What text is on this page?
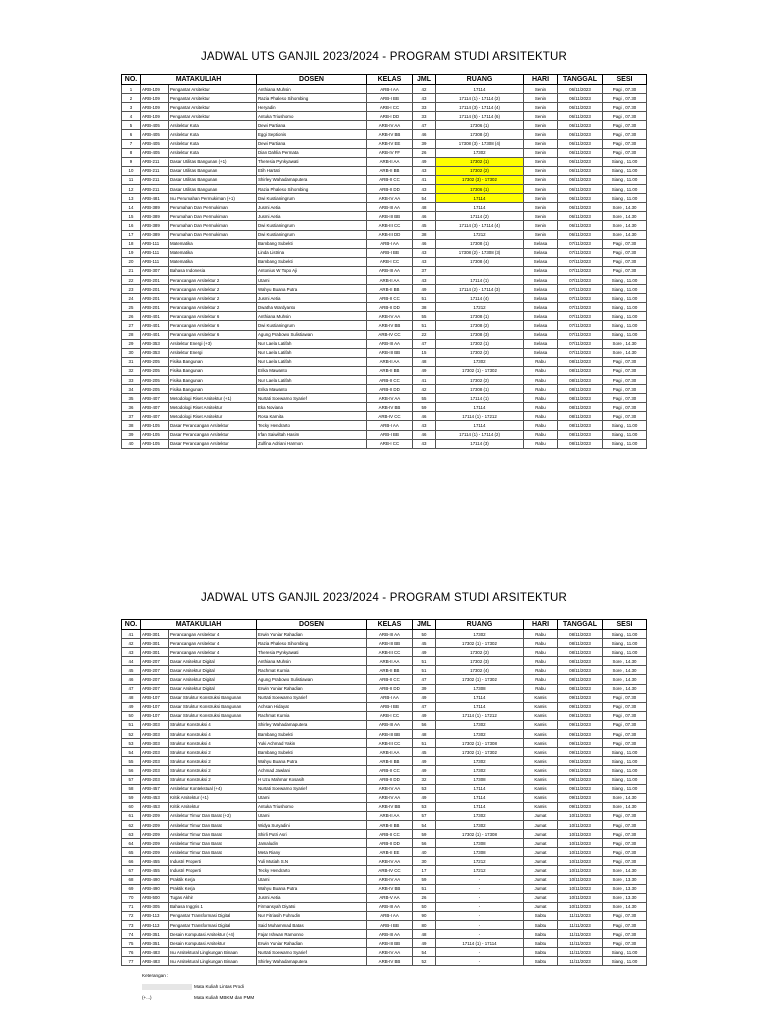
JADWAL UTS GANJIL 2023/2024 - PROGRAM STUDI ARSITEKTUR
NO.	MATAKULIAH		DOSEN	KELAS	JML	RUANG	HARI	TANGGAL	SESI
1	ARB-109	Pengantar Arsitektur	Anthiana Muhsin	ARB-I AA	42	17114	Senin	06/11/2023	Pagi , 07.30
2	ARB-109	Pengantar Arsitektur	Razia Phaleso Sihombing	ARB-I BB	43	17114 (1) - 17114 (2)	Senin	06/11/2023	Pagi , 07.30
3	ARB-109	Pengantar Arsitektur	Heryadin	ARB-I CC	33	17114 (3) - 17114 (4)	Senin	06/11/2023	Pagi , 07.30
4	ARB-109	Pengantar Arsitektur	Antuka Triushomo	ARB-I DD	33	17114 (5) - 17114 (6)	Senin	06/11/2023	Pagi , 07.30
5	ARB-405	Arsitektur Kota	Dewi Partiana	ARB-IV AA	47	17306 (1)	Senin	06/11/2023	Pagi , 07.30
6	ARB-405	Arsitektur Kota	Eggi Septionis	ARB-IV BB	46	17308 (2)	Senin	06/11/2023	Pagi , 07.30
7	ARB-405	Arsitektur Kota	Dewi Partiana	ARB-IV EE	39	17308 (3) - 17308 (4)	Senin	06/11/2023	Pagi , 07.30
8	ARB-405	Arsitektur Kota	Dian Dahlia Permata	ARB-IV FF	26	17302	Senin	06/11/2023	Pagi , 07.30
9	ARB-211	Dasar Utilitas Bangunan (+1)	Theresia Pynkyawati	ARB-II AA	49	17302 (1)	Senin	06/11/2023	Siang , 11.00
10	ARB-211	Dasar Utilitas Bangunan	Etih Hartati	ARB-II BB	43	17302 (2)	Senin	06/11/2023	Siang , 11.00
11	ARB-211	Dasar Utilitas Bangunan	Shirley Wahadamaputera	ARB-II CC	41	17302 (3) - 17302	Senin	06/11/2023	Siang , 11.00
12	ARB-211	Dasar Utilitas Bangunan	Razia Phaleso Sihombing	ARB-II DD	43	17306 (1)	Senin	06/11/2023	Siang , 11.00
13	ARB-481	Isu Perumahan Permukiman (+1)	Dwi Kustianingrum	ARB-IV AA	54	17114	Senin	06/11/2023	Siang , 11.00
14	ARB-389	Perumahan Dan Permukiman	Jusmi Aetia	ARB-III AA	48	17114	Senin	06/11/2023	Sore , 14.30
15	ARB-389	Perumahan Dan Permukiman	Jusmi Aetia	ARB-III BB	46	17114 (2)	Senin	06/11/2023	Sore , 14.30
16	ARB-389	Perumahan Dan Permukiman	Dwi Kustianingrum	ARB-III CC	45	17114 (3) - 17114 (4)	Senin	06/11/2023	Sore , 14.30
17	ARB-389	Perumahan Dan Permukiman	Dwi Kustianingrum	ARB-III DD	38	17212	Senin	06/11/2023	Sore , 14.30
18	ARB-111	Matematika	Bambang Subekti	ARB-I AA	46	17308 (1)	Selasa	07/11/2023	Pagi , 07.30
19	ARB-111	Matematika	Linda Listrina	ARB-I BB	43	17308 (2) - 17308 (3)	Selasa	07/11/2023	Pagi , 07.30
20	ARB-111	Matematika	Bambang Subekti	ARB-I CC	43	17308 (4)	Selasa	07/11/2023	Pagi , 07.30
21	ARB-307	Bahasa Indonesia	Antonius W Topo Aji	ARB-III AA	37		Selasa	07/11/2023	Pagi , 07.30
22	ARB-201	Perancangan Arsitektur 2	Utami	ARB-II AA	43	17114 (1)	Selasa	07/11/2023	Siang , 11.00
23	ARB-201	Perancangan Arsitektur 2	Wahyu Buana Putra	ARB-II BB	49	17114 (2) - 17114 (3)	Selasa	07/11/2023	Siang , 11.00
24	ARB-201	Perancangan Arsitektur 2	Jusmi Aetia	ARB-II CC	51	17114 (4)	Selasa	07/11/2023	Siang , 11.00
25	ARB-201	Perancangan Arsitektur 2	Dwatha Wardyanto	ARB-II DD	38	17212	Selasa	07/11/2023	Siang , 11.00
26	ARB-401	Perancangan Arsitektur 6	Anthiana Muhsin	ARB-IV AA	55	17308 (1)	Selasa	07/11/2023	Siang , 11.00
27	ARB-401	Perancangan Arsitektur 6	Dwi Kustianingrum	ARB-IV BB	51	17308 (2)	Selasa	07/11/2023	Siang , 11.00
28	ARB-401	Perancangan Arsitektur 6	Agung Prabowo Sulistiawan	ARB-IV CC	22	17308 (3)	Selasa	07/11/2023	Siang , 11.00
29	ARB-353	Arsitektur Energi (+3)	Nur Laela Latifah	ARB-III AA	47	17302 (1)	Selasa	07/11/2023	Sore , 14.30
30	ARB-353	Arsitektur Energi	Nur Laela Latifah	ARB-III BB	15	17302 (2)	Selasa	07/11/2023	Sore , 14.30
31	ARB-205	Fisika Bangunan	Nur Laela Latifah	ARB-II AA	48	17302	Rabu	08/11/2023	Pagi , 07.30
32	ARB-205	Fisika Bangunan	Erika Mawanto	ARB-II BB	49	17302 (1) - 17302	Rabu	08/11/2023	Pagi , 07.30
33	ARB-205	Fisika Bangunan	Nur Laela Latifah	ARB-II CC	41	17302 (2)	Rabu	08/11/2023	Pagi , 07.30
34	ARB-205	Fisika Bangunan	Erika Mawanto	ARB-II DD	42	17308 (1)	Rabu	08/11/2023	Pagi , 07.30
35	ARB-407	Metodologi Riset Arsitektur (+1)	Nurtati Soewarno Syarief	ARB-IV AA	55	17114 (1)	Rabu	08/11/2023	Pagi , 07.30
36	ARB-407	Metodologi Riset Arsitektur	Eka Noviana	ARB-IV BB	59	17114	Rabu	08/11/2023	Pagi , 07.30
37	ARB-407	Metodologi Riset Arsitektur	Rosa Karnita	ARB-IV CC	46	17114 (1) - 17212	Rabu	08/11/2023	Pagi , 07.30
38	ARB-105	Dasar Perancangan Arsitektur	Tecky Hendrarto	ARB-I AA	43	17114	Rabu	08/11/2023	Siang , 11.00
39	ARB-105	Dasar Perancangan Arsitektur	Irfan Saiwiltah Hasim	ARB-I BB	46	17114 (1) - 17114 (2)	Rabu	08/11/2023	Siang , 11.00
40	ARB-105	Dasar Perancangan Arsitektur	Zulfina Adriani Harmon	ARB-I CC	43	17114 (3)	Rabu	08/11/2023	Siang , 11.00
JADWAL UTS GANJIL 2023/2024 - PROGRAM STUDI ARSITEKTUR
NO.	MATAKULIAH		DOSEN	KELAS	JML	RUANG	HARI	TANGGAL	SESI
41	ARB-301	Perancangan Arsitektur 4	Erwin Yuniar Rahadian	ARB-III AA	50	17302	Rabu	08/11/2023	Siang , 11.00
42	ARB-301	Perancangan Arsitektur 4	Razia Phaleso Sihombing	ARB-III BB	45	17302 (1) - 17302	Rabu	08/11/2023	Siang , 11.00
43	ARB-301	Perancangan Arsitektur 4	Theresia Pynkyawati	ARB-III CC	49	17302 (2)	Rabu	08/11/2023	Siang , 11.00
44	ARB-207	Dasar Arsitektur Digital	Anthiana Muhsin	ARB-II AA	51	17302 (3)	Rabu	08/11/2023	Sore , 14.30
45	ARB-207	Dasar Arsitektur Digital	Rachmat Kurnia	ARB-II BB	51	17302 (4)	Rabu	08/11/2023	Sore , 14.30
46	ARB-207	Dasar Arsitektur Digital	Agung Prabowo Sulistiawan	ARB-II CC	47	17302 (1) - 17302	Rabu	08/11/2023	Sore , 14.30
47	ARB-207	Dasar Arsitektur Digital	Erwin Yuniar Rahadian	ARB-II DD	39	17308	Rabu	08/11/2023	Sore , 14.30
48	ARB-107	Dasar Struktur Konstruksi Bangunan	Nurtati Soewarno Syarief	ARB-I AA	49	17114	Kamis	09/11/2023	Pagi , 07.30
49	ARB-107	Dasar Struktur Konstruksi Bangunan	Achsan Hidayat	ARB-I BB	47	17114	Kamis	09/11/2023	Pagi , 07.30
50	ARB-107	Dasar Struktur Konstruksi Bangunan	Rachmat Kurnia	ARB-I CC	49	17114 (1) - 17212	Kamis	09/11/2023	Pagi , 07.30
51	ARB-303	Struktur Konstruksi 4	Shirley Wahadamaputera	ARB-III AA	56	17302	Kamis	09/11/2023	Pagi , 07.30
52	ARB-303	Struktur Konstruksi 4	Bambang Subekti	ARB-III BB	48	17302	Kamis	09/11/2023	Pagi , 07.30
53	ARB-303	Struktur Konstruksi 4	Yuki Achmad Yakin	ARB-III CC	51	17302 (1) - 17308	Kamis	09/11/2023	Pagi , 07.30
54	ARB-203	Struktur Konstruksi 2	Bambang Subekti	ARB-II AA	45	17302 (1) - 17302	Kamis	09/11/2023	Siang , 11.00
55	ARB-203	Struktur Konstruksi 2	Wahyu Buana Putra	ARB-II BB	49	17302	Kamis	09/11/2023	Siang , 11.00
56	ARB-203	Struktur Konstruksi 2	Achmad Jawlani	ARB-II CC	49	17302	Kamis	09/11/2023	Siang , 11.00
57	ARB-203	Struktur Konstruksi 2	H Uzu Mahmar Kosasih	ARB-II DD	32	17308	Kamis	09/11/2023	Siang , 11.00
58	ARB-457	Arsitektur Kontekstual (+4)	Nurtati Soewarno Syarief	ARB-IV AA	53	17114	Kamis	09/11/2023	Siang , 11.00
59	ARB-453	Kritik Arsitektur (+1)	Utami	ARB-IV AA	49	17114	Kamis	09/11/2023	Sore , 14.30
60	ARB-453	Kritik Arsitektur	Antuka Triushomo	ARB-IV BB	53	17114	Kamis	09/11/2023	Sore , 14.30
61	ARB-209	Arsitektur Timur Dan Barat (+2)	Utami	ARB-II AA	57	17302	Jumat	10/11/2023	Pagi , 07.30
62	ARB-209	Arsitektur Timur Dan Barat	Widya Suryadini	ARB-II BB	54	17302	Jumat	10/11/2023	Pagi , 07.30
63	ARB-209	Arsitektur Timur Dan Barat	Shirli Putri Asri	ARB-II CC	59	17302 (1) - 17308	Jumat	10/11/2023	Pagi , 07.30
64	ARB-209	Arsitektur Timur Dan Barat	Jamaludin	ARB-II DD	56	17308	Jumat	10/11/2023	Pagi , 07.30
65	ARB-209	Arsitektur Timur Dan Barat	Meta Riany	ARB-II EE	40	17308	Jumat	10/11/2023	Pagi , 07.30
66	ARB-455	Industri Properti	Yuli Mutiah S.N	ARB-IV AA	30	17212	Jumat	10/11/2023	Pagi , 07.30
67	ARB-455	Industri Properti	Tecky Hendrarto	ARB-IV CC	17	17212	Jumat	10/11/2023	Sore , 14.30
68	ARB-490	Praktik Kerja	Utami	ARB-IV AA	59	-	Jumat	10/11/2023	Sore , 13.30
69	ARB-490	Praktik Kerja	Wahyu Buana Putra	ARB-IV BB	51	-	Jumat	10/11/2023	Sore , 13.30
70	ARB-500	Tugas Akhir	Jusmi Aetia	ARB-V AA	26	-	Jumat	10/11/2023	Sore , 13.30
71	ARB-305	Bahasa Inggris 1	Firmansyah Diyatsi	ARB-III AA	50	-	Jumat	10/11/2023	Sore , 14.30
72	ARB-113	Pengantar Transformasi Digital	Nur Fitriasih Fuhrudin	ARB-I AA	90	-	Sabtu	11/11/2023	Pagi , 07.30
73	ARB-113	Pengantar Transformasi Digital	Said Muhammad Batas	ARB-I BB	80	-	Sabtu	11/11/2023	Pagi , 07.30
74	ARB-351	Desain Komputasi Arsitektur (+4)	Fajar Ishwan Ramonno	ARB-III AA	48	-	Sabtu	11/11/2023	Pagi , 07.30
75	ARB-351	Desain Komputasi Arsitektur	Erwin Yuniar Rahadian	ARB-III BB	49	17114 (1) - 17114	Sabtu	11/11/2023	Pagi , 07.30
76	ARB-483	Isu Arsitektural Lingkungan Binaan	Nurtati Soewarno Syarief	ARB-IV AA	54	-	Sabtu	11/11/2023	Siang , 11.00
77	ARB-483	Isu Arsitektural Lingkungan Binaan	Shirley Wahadamaputera	ARB-IV BB	52	-	Sabtu	11/11/2023	Siang , 11.00
Keterangan :
Mata Kuliah Lintas Prodi
(+...)	Mata Kuliah MBKM dan PMM
